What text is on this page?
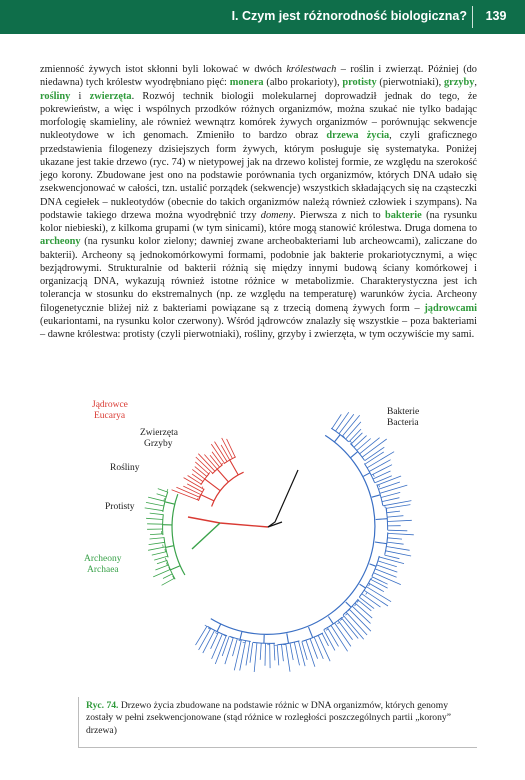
I. Czym jest różnorodność biologiczna?	139

zmienność żywych istot skłonni byli lokować w dwóch królestwach – roślin i zwierząt. Później (do niedawna) tych królestw wyodrębniano pięć: monera (albo prokarioty), protisty (pierwotniaki), grzyby, rośliny i zwierzęta. Rozwój technik biologii molekularnej doprowadził jednak do tego, że pokrewieństw, a więc i wspólnych przodków różnych organizmów, można szukać nie tylko badając morfologię skamieliny, ale również wewnątrz komórek żywych organizmów – porównując sekwencje nukleotydowe w ich genomach. Zmieniło to bardzo obraz drzewa życia, czyli graficznego przedstawienia filogenezy dzisiejszych form żywych, którym posługuje się systematyka. Poniżej ukazane jest takie drzewo (ryc. 74) w nietypowej jak na drzewo kolistej formie, ze względu na szerokość jego korony. Zbudowane jest ono na podstawie porównania tych organizmów, których DNA udało się zsekwencjonować w całości, tzn. ustalić porządek (sekwencje) wszystkich składających się na cząsteczki DNA cegiełek – nukleotydów (obecnie do takich organizmów należą również człowiek i szympans). Na podstawie takiego drzewa można wyodrębnić trzy domeny. Pierwsza z nich to bakterie (na rysunku kolor niebieski), z kilkoma grupami (w tym sinicami), które mogą stanowić królestwa. Druga domena to archeony (na rysunku kolor zielony; dawniej zwane archeobakteriami lub archeowcami), zaliczane do bakterii). Archeony są jednokomórkowymi formami, podobnie jak bakterie prokariotycznymi, a więc bezjądrowymi. Strukturalnie od bakterii różnią się między innymi budową ściany komórkowej i organizacją DNA, wykazują również istotne różnice w metabolizmie. Charakterystyczna jest ich tolerancja w stosunku do ekstremalnych (np. ze względu na temperaturę) warunków życia. Archeony filogenetycznie bliżej niż z bakteriami powiązane są z trzecią domeną żywych form – jądrowcami (eukariontami, na rysunku kolor czerwony). Wśród jądrowców znalazły się wszystkie – poza bakteriami – dawne królestwa: protisty (czyli pierwotniaki), rośliny, grzyby i zwierzęta, w tym oczywiście my sami.

Jądrowce
Eucarya
Zwierzęta
Grzyby
Rośliny
Protisty
Archeony
Archaea
Bakterie
Bacteria

Ryc. 74. Drzewo życia zbudowane na podstawie różnic w DNA organizmów, których genomy zostały w pełni zsekwencjonowane (stąd różnice w rozległości poszczególnych partii „korony” drzewa)
